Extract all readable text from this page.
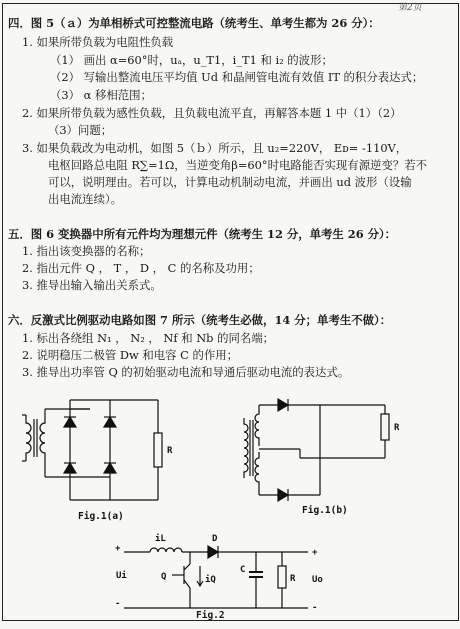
第2页
四．图 5（ａ）为单相桥式可控整流电路（统考生、单考生都为 26 分）：
1. 如果所带负载为电阻性负载
（1） 画出 α=60°时，uₐ，u_T1，i_T1 和 i₂ 的波形；
（2） 写输出整流电压平均值 Ud 和晶闸管电流有效值 IT 的积分表达式；
（3） α 移相范围；
2. 如果所带负载为感性负载，且负载电流平直，再解答本题 1 中（1）（2）
（3）问题；
3. 如果负载改为电动机，如图 5（ｂ）所示，且 u₂=220V， Eᴅ= -110V，
电枢回路总电阻 R∑=1Ω，当逆变角β=60°时电路能否实现有源逆变？若不
可以，说明理由。若可以，计算电动机制动电流，并画出 ud 波形（设输
出电流连续）。
五．图 6 变换器中所有元件均为理想元件（统考生 12 分，单考生 26 分）：
1. 指出该变换器的名称；
2. 指出元件 Q ， T ， D ， C 的名称及功用；
3. 推导出输入输出关系式。
六．反激式比例驱动电路如图 7 所示（统考生必做，14 分；单考生不做）：
1. 标出各绕组 N₁ ， N₂ ， Nf 和 Nb 的同名端；
2. 说明稳压二极管 Dw 和电容 C 的作用；
3. 推导出功率管 Q 的初始驱动电流和导通后驱动电流的表达式。
R
Fig.1(a)
R
Fig.1(b)
+
-
Ui
iL	D
Q	iQ
C
R
+
Uo
-
Fig.2
